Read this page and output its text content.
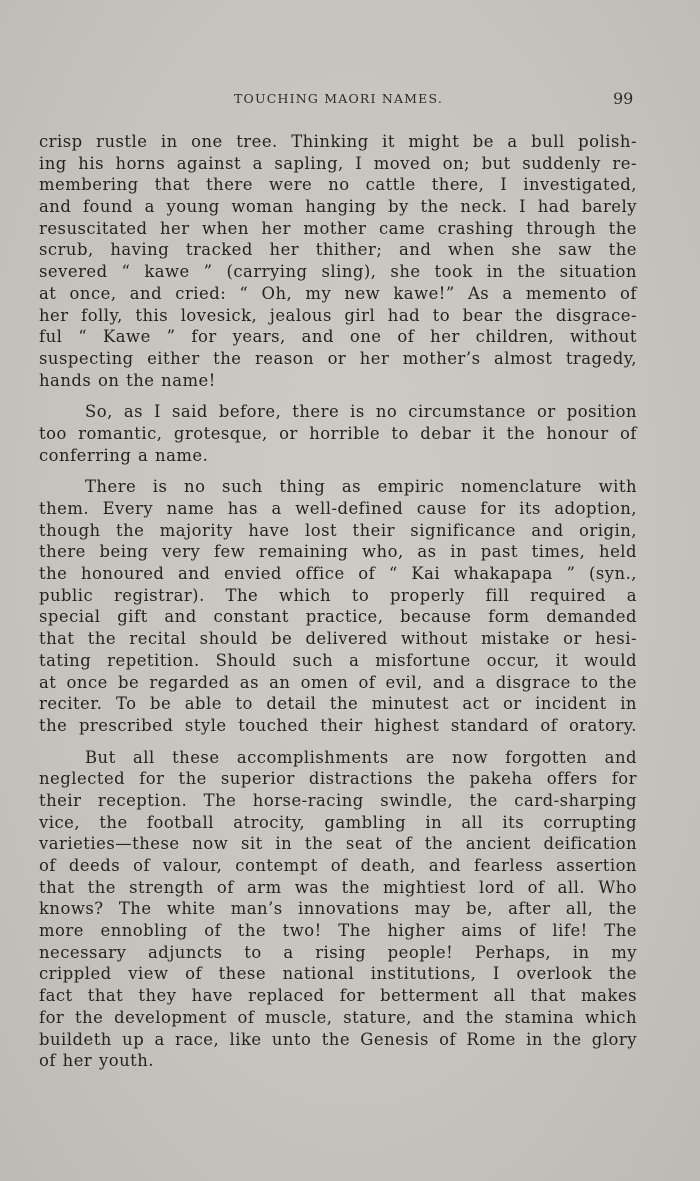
TOUCHING MAORI NAMES.	99
crisp rustle in one tree. Thinking it might be a bull polish-
ing his horns against a sapling, I moved on; but suddenly re-
membering that there were no cattle there, I investigated,
and found a young woman hanging by the neck. I had barely
resuscitated her when her mother came crashing through the
scrub, having tracked her thither; and when she saw the
severed “ kawe ” (carrying sling), she took in the situation
at once, and cried: “ Oh, my new kawe!” As a memento of
her folly, this lovesick, jealous girl had to bear the disgrace-
ful “ Kawe ” for years, and one of her children, without
suspecting either the reason or her mother’s almost tragedy,
hands on the name!
So, as I said before, there is no circumstance or position
too romantic, grotesque, or horrible to debar it the honour of
conferring a name.
There is no such thing as empiric nomenclature with
them. Every name has a well-defined cause for its adoption,
though the majority have lost their significance and origin,
there being very few remaining who, as in past times, held
the honoured and envied office of “ Kai whakapapa ” (syn.,
public registrar). The which to properly fill required a
special gift and constant practice, because form demanded
that the recital should be delivered without mistake or hesi-
tating repetition. Should such a misfortune occur, it would
at once be regarded as an omen of evil, and a disgrace to the
reciter. To be able to detail the minutest act or incident in
the prescribed style touched their highest standard of oratory.
But all these accomplishments are now forgotten and
neglected for the superior distractions the pakeha offers for
their reception. The horse-racing swindle, the card-sharping
vice, the football atrocity, gambling in all its corrupting
varieties—these now sit in the seat of the ancient deification
of deeds of valour, contempt of death, and fearless assertion
that the strength of arm was the mightiest lord of all. Who
knows? The white man’s innovations may be, after all, the
more ennobling of the two! The higher aims of life! The
necessary adjuncts to a rising people! Perhaps, in my
crippled view of these national institutions, I overlook the
fact that they have replaced for betterment all that makes
for the development of muscle, stature, and the stamina which
buildeth up a race, like unto the Genesis of Rome in the glory
of her youth.
